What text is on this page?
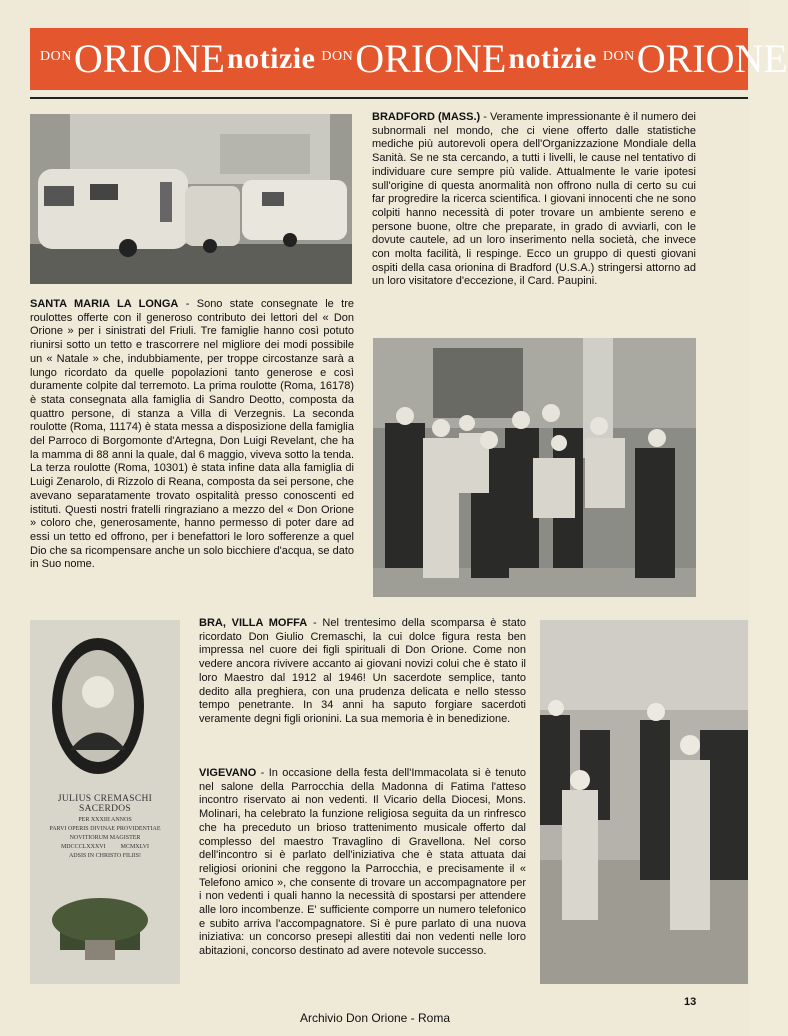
DON ORIONE notizie DON ORIONE notizie DON ORIONE
SANTA MARIA LA LONGA - Sono state consegnate le tre roulottes offerte con il generoso contributo dei lettori del « Don Orione » per i sinistrati del Friuli. Tre famiglie hanno così potuto riunirsi sotto un tetto e trascorrere nel migliore dei modi possibile un « Natale » che, indubbiamente, per troppe circostanze sarà a lungo ricordato da quelle popolazioni tanto generose e così duramente colpite dal terremoto. La prima roulotte (Roma, 16178) è stata consegnata alla famiglia di Sandro Deotto, composta da quattro persone, di stanza a Villa di Verzegnis. La seconda roulotte (Roma, 11174) è stata messa a disposizione della famiglia del Parroco di Borgomonte d'Artegna, Don Luigi Revelant, che ha la mamma di 88 anni la quale, dal 6 maggio, viveva sotto la tenda. La terza roulotte (Roma, 10301) è stata infine data alla famiglia di Luigi Zenarolo, di Rizzolo di Reana, composta da sei persone, che avevano separatamente trovato ospitalità presso conoscenti ed istituti. Questi nostri fratelli ringraziano a mezzo del « Don Orione » coloro che, generosamente, hanno permesso di poter dare ad essi un tetto ed offrono, per i benefattori le loro sofferenze a quel Dio che sa ricompensare anche un solo bicchiere d'acqua, se dato in Suo nome.
BRADFORD (MASS.) - Veramente impressionante è il numero dei subnormali nel mondo, che ci viene offerto dalle statistiche mediche più autorevoli opera dell'Organizzazione Mondiale della Sanità. Se ne sta cercando, a tutti i livelli, le cause nel tentativo di individuare cure sempre più valide. Attualmente le varie ipotesi sull'origine di questa anormalità non offrono nulla di certo su cui far progredire la ricerca scientifica. I giovani innocenti che ne sono colpiti hanno necessità di poter trovare un ambiente sereno e persone buone, oltre che preparate, in grado di avviarli, con le dovute cautele, ad un loro inserimento nella società, che invece con molta facilità, li respinge. Ecco un gruppo di questi giovani ospiti della casa orionina di Bradford (U.S.A.) stringersi attorno ad un loro visitatore d'eccezione, il Card. Paupini.
JULIUS CREMASCHI SACERDOS
PER XXXIII ANNOS
PARVI OPERIS DIVINAE PROVIDENTIAE
NOVITIORUM MAGISTER
MDCCCLXXXVI          MCMXLVI
ADSIS IN CHRISTO FILIIS!
BRA, VILLA MOFFA - Nel trentesimo della scomparsa è stato ricordato Don Giulio Cremaschi, la cui dolce figura resta ben impressa nel cuore dei figli spirituali di Don Orione. Come non vedere ancora rivivere accanto ai giovani novizi colui che è stato il loro Maestro dal 1912 al 1946! Un sacerdote semplice, tanto dedito alla preghiera, con una prudenza delicata e nello stesso tempo penetrante. In 34 anni ha saputo forgiare sacerdoti veramente degni figli orionini. La sua memoria è in benedizione.
VIGEVANO - In occasione della festa dell'Immacolata si è tenuto nel salone della Parrocchia della Madonna di Fatima l'atteso incontro riservato ai non vedenti. Il Vicario della Diocesi, Mons. Molinari, ha celebrato la funzione religiosa seguita da un rinfresco che ha preceduto un brioso trattenimento musicale offerto dal complesso del maestro Travaglino di Gravellona. Nel corso dell'incontro si è parlato dell'iniziativa che è stata attuata dai religiosi orionini che reggono la Parrocchia, e precisamente il « Telefono amico », che consente di trovare un accompagnatore per i non vedenti i quali hanno la necessità di spostarsi per attendere alle loro incombenze. E' sufficiente comporre un numero telefonico e subito arriva l'accompagnatore. Si è pure parlato di una nuova iniziativa: un concorso presepi allestiti dai non vedenti nelle loro abitazioni, concorso destinato ad avere notevole successo.
13
Archivio Don Orione - Roma
